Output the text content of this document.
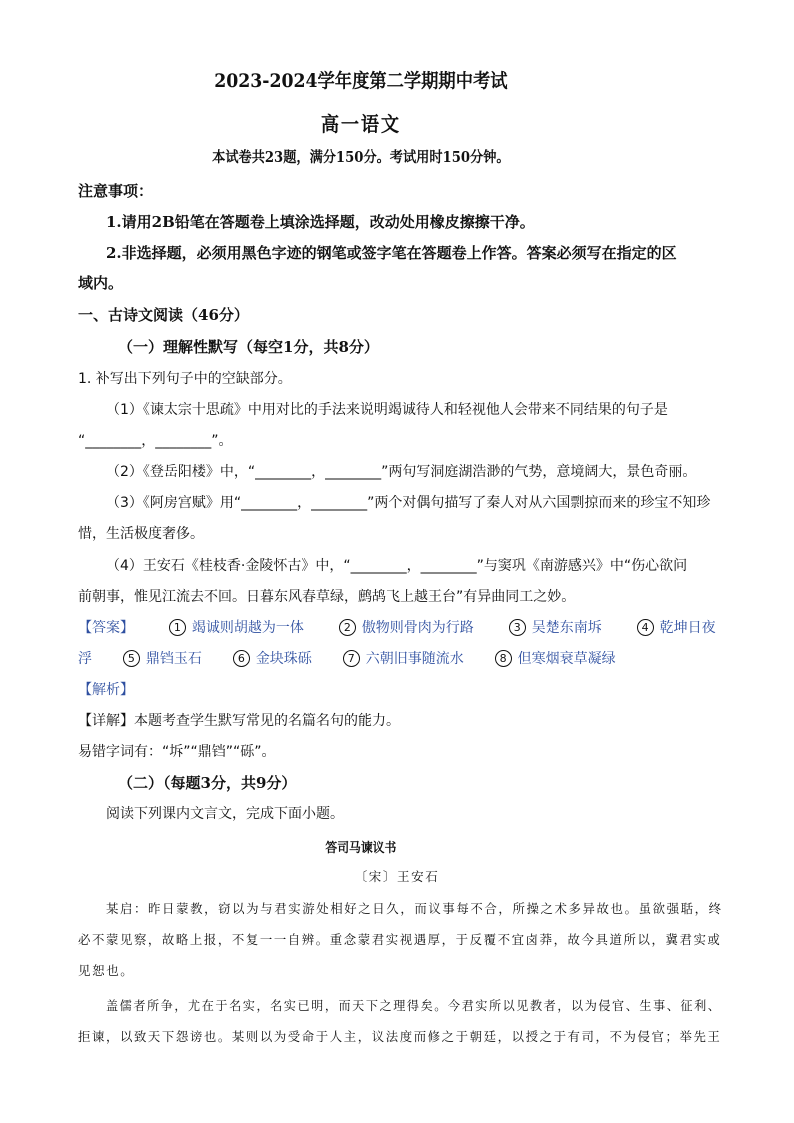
2023-2024学年度第二学期期中考试
高一语文
本试卷共23题，满分150分。考试用时150分钟。
注意事项：
1.请用2B铅笔在答题卷上填涂选择题，改动处用橡皮擦擦干净。
2.非选择题，必须用黑色字迹的钢笔或签字笔在答题卷上作答。答案必须写在指定的区
域内。
一、古诗文阅读（46分）
（一）理解性默写（每空1分，共8分）
1. 补写出下列句子中的空缺部分。
（1）《谏太宗十思疏》中用对比的手法来说明竭诚待人和轻视他人会带来不同结果的句子是
“________，________”。
（2）《登岳阳楼》中，“________，________”两句写洞庭湖浩渺的气势，意境阔大，景色奇丽。
（3）《阿房宫赋》用“________，________”两个对偶句描写了秦人对从六国剽掠而来的珍宝不知珍
惜，生活极度奢侈。
（4）王安石《桂枝香·金陵怀古》中，“________，________”与窦巩《南游感兴》中“伤心欲问
前朝事，惟见江流去不回。日暮东风春草绿，鹧鸪飞上越王台”有异曲同工之妙。
【答案】	1 竭诚则胡越为一体	2 傲物则骨肉为行路	3 吴楚东南坼	4 乾坤日夜
浮	5 鼎铛玉石	6 金块珠砾	7 六朝旧事随流水	8 但寒烟衰草凝绿
【解析】
【详解】本题考查学生默写常见的名篇名句的能力。
易错字词有：“坼”“鼎铛”“砾”。
（二）（每题3分，共9分）
阅读下列课内文言文，完成下面小题。
答司马谏议书
〔宋〕王安石
某启：昨日蒙教，窃以为与君实游处相好之日久，而议事每不合，所操之术多异故也。虽欲强聒，终
必不蒙见察，故略上报，不复一一自辨。重念蒙君实视遇厚，于反覆不宜卤莽，故今具道所以，冀君实或
见恕也。
盖儒者所争，尤在于名实，名实已明，而天下之理得矣。今君实所以见教者，以为侵官、生事、征利、
拒谏，以致天下怨谤也。某则以为受命于人主，议法度而修之于朝廷，以授之于有司，不为侵官；举先王
